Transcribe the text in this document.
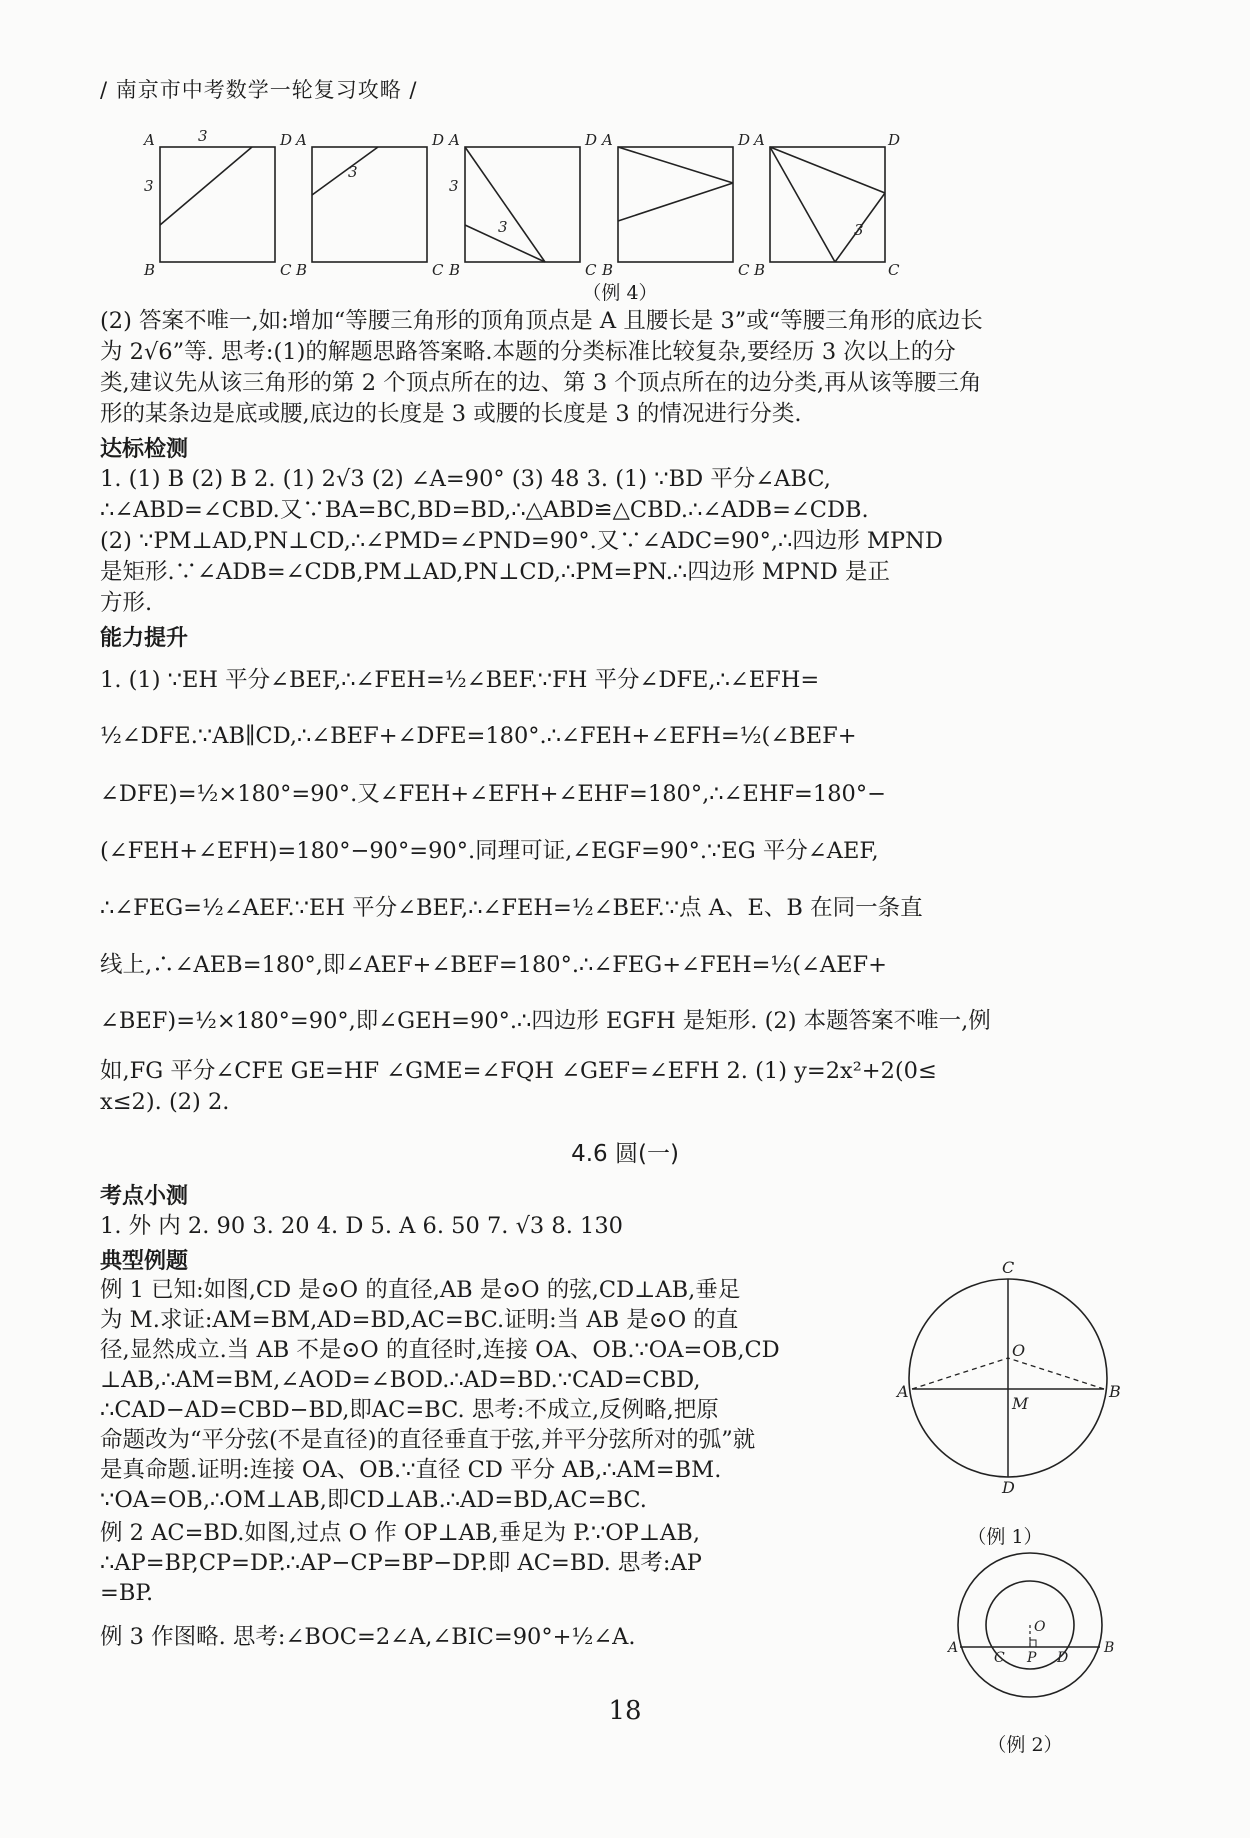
/ 南京市中考数学一轮复习攻略 /
A	D
B	C
3
3
A	D
B	C
3
A	D
B	C
3
3
A	D
B	C
A	D
B	C
3
（例 4）
(2) 答案不唯一,如:增加“等腰三角形的顶角顶点是 A 且腰长是 3”或“等腰三角形的底边长
为 2√6”等. 思考:(1)的解题思路答案略.本题的分类标准比较复杂,要经历 3 次以上的分
类,建议先从该三角形的第 2 个顶点所在的边、第 3 个顶点所在的边分类,再从该等腰三角
形的某条边是底或腰,底边的长度是 3 或腰的长度是 3 的情况进行分类.
达标检测
1. (1) B (2) B 2. (1) 2√3 (2) ∠A=90° (3) 48 3. (1) ∵BD 平分∠ABC,
∴∠ABD=∠CBD.又∵BA=BC,BD=BD,∴△ABD≌△CBD.∴∠ADB=∠CDB.
(2) ∵PM⊥AD,PN⊥CD,∴∠PMD=∠PND=90°.又∵∠ADC=90°,∴四边形 MPND
是矩形.∵∠ADB=∠CDB,PM⊥AD,PN⊥CD,∴PM=PN.∴四边形 MPND 是正
方形.
能力提升
1. (1) ∵EH 平分∠BEF,∴∠FEH=½∠BEF.∵FH 平分∠DFE,∴∠EFH=
½∠DFE.∵AB∥CD,∴∠BEF+∠DFE=180°.∴∠FEH+∠EFH=½(∠BEF+
∠DFE)=½×180°=90°.又∠FEH+∠EFH+∠EHF=180°,∴∠EHF=180°−
(∠FEH+∠EFH)=180°−90°=90°.同理可证,∠EGF=90°.∵EG 平分∠AEF,
∴∠FEG=½∠AEF.∵EH 平分∠BEF,∴∠FEH=½∠BEF.∵点 A、E、B 在同一条直
线上,∴∠AEB=180°,即∠AEF+∠BEF=180°.∴∠FEG+∠FEH=½(∠AEF+
∠BEF)=½×180°=90°,即∠GEH=90°.∴四边形 EGFH 是矩形. (2) 本题答案不唯一,例
如,FG 平分∠CFE GE=HF ∠GME=∠FQH ∠GEF=∠EFH 2. (1) y=2x²+2(0≤
x≤2). (2) 2.
4.6 圆(一)
考点小测
1. 外 内 2. 90 3. 20 4. D 5. A 6. 50 7. √3 8. 130
典型例题
例 1 已知:如图,CD 是⊙O 的直径,AB 是⊙O 的弦,CD⊥AB,垂足
为 M.求证:AM=BM,AD=BD,AC=BC.证明:当 AB 是⊙O 的直
径,显然成立.当 AB 不是⊙O 的直径时,连接 OA、OB.∵OA=OB,CD
⊥AB,∴AM=BM,∠AOD=∠BOD.∴AD=BD.∵CAD=CBD,
∴CAD−AD=CBD−BD,即AC=BC. 思考:不成立,反例略,把原
命题改为“平分弦(不是直径)的直径垂直于弦,并平分弦所对的弧”就
是真命题.证明:连接 OA、OB.∵直径 CD 平分 AB,∴AM=BM.
∵OA=OB,∴OM⊥AB,即CD⊥AB.∴AD=BD,AC=BC.
例 2 AC=BD.如图,过点 O 作 OP⊥AB,垂足为 P.∵OP⊥AB,
∴AP=BP,CP=DP.∴AP−CP=BP−DP.即 AC=BD. 思考:AP
=BP.
例 3 作图略. 思考:∠BOC=2∠A,∠BIC=90°+½∠A.
C
O
A	B
M
D
（例 1）
O
A
C P D
B
（例 2）
18
